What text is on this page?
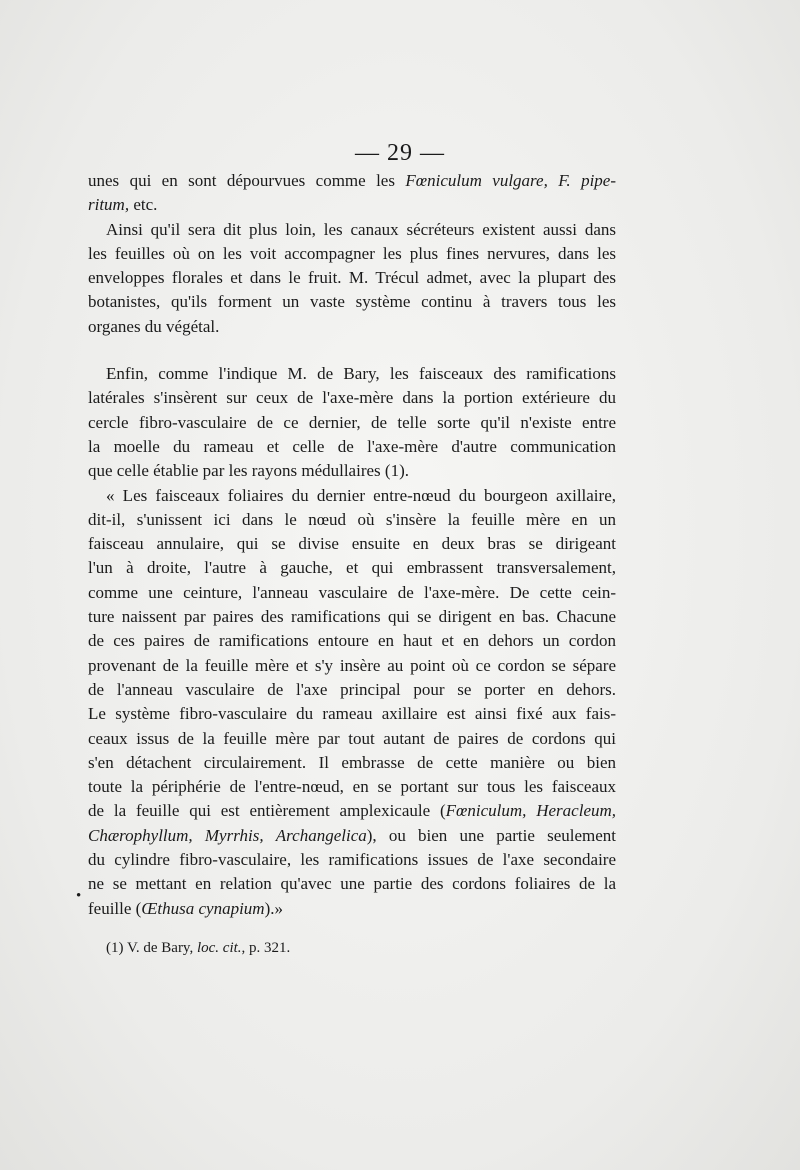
— 29 —
unes qui en sont dépourvues comme les Fœniculum vulgare, F. pipe-
ritum, etc.
Ainsi qu'il sera dit plus loin, les canaux sécréteurs existent aussi dans
les feuilles où on les voit accompagner les plus fines nervures, dans les
enveloppes florales et dans le fruit. M. Trécul admet, avec la plupart des
botanistes, qu'ils forment un vaste système continu à travers tous les
organes du végétal.
Enfin, comme l'indique M. de Bary, les faisceaux des ramifications
latérales s'insèrent sur ceux de l'axe-mère dans la portion extérieure du
cercle fibro-vasculaire de ce dernier, de telle sorte qu'il n'existe entre
la moelle du rameau et celle de l'axe-mère d'autre communication
que celle établie par les rayons médullaires (1).
« Les faisceaux foliaires du dernier entre-nœud du bourgeon axillaire,
dit-il, s'unissent ici dans le nœud où s'insère la feuille mère en un
faisceau annulaire, qui se divise ensuite en deux bras se dirigeant
l'un à droite, l'autre à gauche, et qui embrassent transversalement,
comme une ceinture, l'anneau vasculaire de l'axe-mère. De cette cein-
ture naissent par paires des ramifications qui se dirigent en bas. Chacune
de ces paires de ramifications entoure en haut et en dehors un cordon
provenant de la feuille mère et s'y insère au point où ce cordon se sépare
de l'anneau vasculaire de l'axe principal pour se porter en dehors.
Le système fibro-vasculaire du rameau axillaire est ainsi fixé aux fais-
ceaux issus de la feuille mère par tout autant de paires de cordons qui
s'en détachent circulairement. Il embrasse de cette manière ou bien
toute la périphérie de l'entre-nœud, en se portant sur tous les faisceaux
de la feuille qui est entièrement amplexicaule (Fœniculum, Heracleum,
Chærophyllum, Myrrhis, Archangelica), ou bien une partie seulement
du cylindre fibro-vasculaire, les ramifications issues de l'axe secondaire
ne se mettant en relation qu'avec une partie des cordons foliaires de la
feuille (Œthusa cynapium).»
•
(1) V. de Bary, loc. cit., p. 321.
